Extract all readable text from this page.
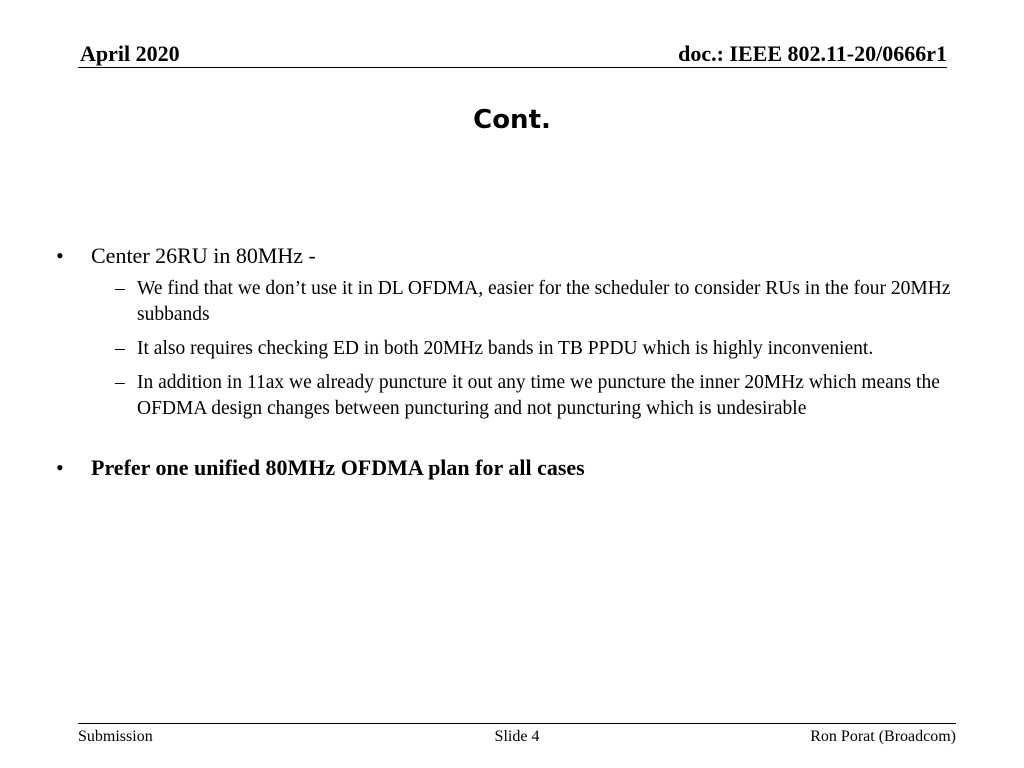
April 2020	doc.: IEEE 802.11-20/0666r1
Cont.
• Center 26RU in 80MHz -
– We find that we don’t use it in DL OFDMA, easier for the scheduler to consider RUs in the four 20MHz subbands
– It also requires checking ED in both 20MHz bands in TB PPDU which is highly inconvenient.
– In addition in 11ax we already puncture it out any time we puncture the inner 20MHz which means the OFDMA design changes between puncturing and not puncturing which is undesirable
• Prefer one unified 80MHz OFDMA plan for all cases
Submission	Slide 4	Ron Porat (Broadcom)
